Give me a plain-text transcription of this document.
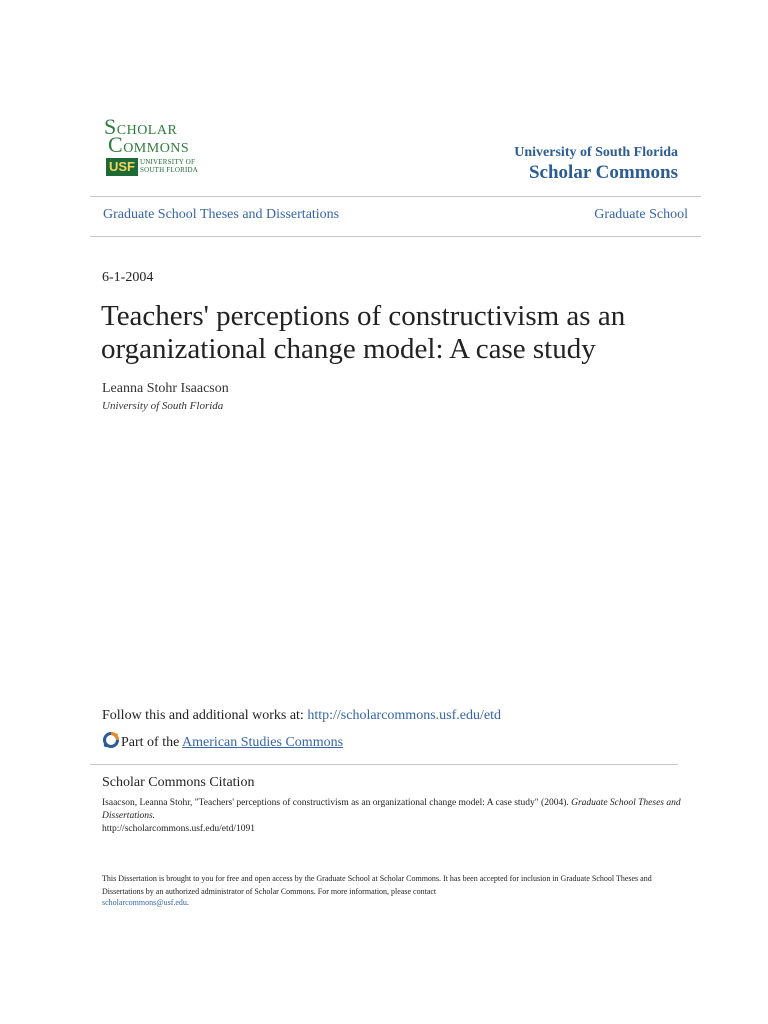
SCHOLAR
COMMONS
USF UNIVERSITY OF
SOUTH FLORIDA
University of South Florida
Scholar Commons
Graduate School Theses and Dissertations	Graduate School
6-1-2004
Teachers' perceptions of constructivism as an organizational change model: A case study
Leanna Stohr Isaacson
University of South Florida
Follow this and additional works at: http://scholarcommons.usf.edu/etd
Part of the American Studies Commons
Scholar Commons Citation
Isaacson, Leanna Stohr, "Teachers' perceptions of constructivism as an organizational change model: A case study" (2004). Graduate School Theses and Dissertations.
http://scholarcommons.usf.edu/etd/1091
This Dissertation is brought to you for free and open access by the Graduate School at Scholar Commons. It has been accepted for inclusion in Graduate School Theses and Dissertations by an authorized administrator of Scholar Commons. For more information, please contact
scholarcommons@usf.edu.
